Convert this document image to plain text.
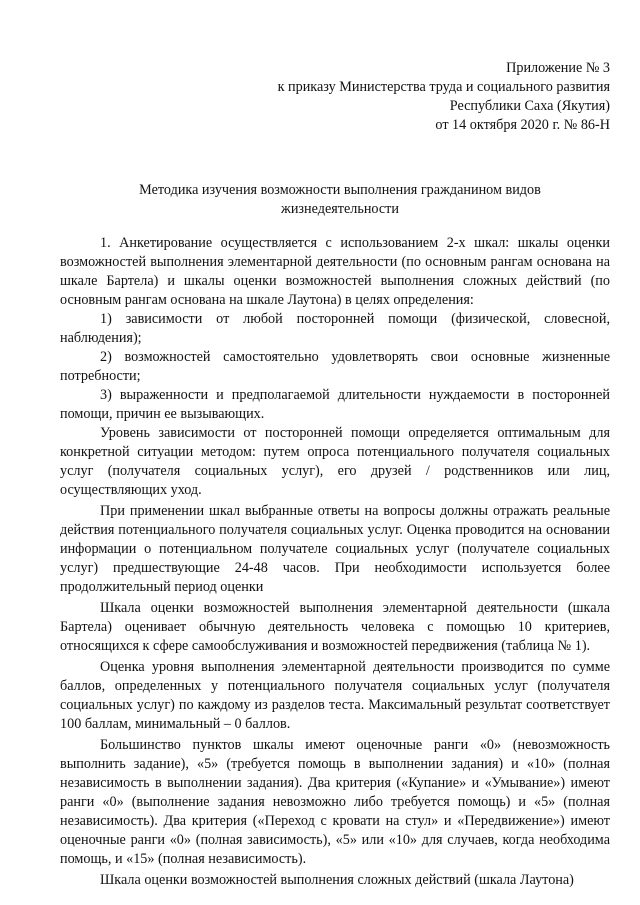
Приложение № 3
к приказу Министерства труда и социального развития
Республики Саха (Якутия)
от 14 октября 2020 г. № 86-Н
Методика изучения возможности выполнения гражданином видов
жизнедеятельности

1. Анкетирование осуществляется с использованием 2-х шкал: шкалы оценки возможностей выполнения элементарной деятельности (по основным рангам основана на шкале Бартела) и шкалы оценки возможностей выполнения сложных действий (по основным рангам основана на шкале Лаутона) в целях определения:

1) зависимости от любой посторонней помощи (физической, словесной, наблюдения);

2) возможностей самостоятельно удовлетворять свои основные жизненные потребности;

3) выраженности и предполагаемой длительности нуждаемости в посторонней помощи, причин ее вызывающих.

Уровень зависимости от посторонней помощи определяется оптимальным для конкретной ситуации методом: путем опроса потенциального получателя социальных услуг (получателя социальных услуг), его друзей / родственников или лиц, осуществляющих уход.

При применении шкал выбранные ответы на вопросы должны отражать реальные действия потенциального получателя социальных услуг. Оценка проводится на основании информации о потенциальном получателе социальных услуг (получателе социальных услуг) предшествующие 24-48 часов. При необходимости используется более продолжительный период оценки

Шкала оценки возможностей выполнения элементарной деятельности (шкала Бартела) оценивает обычную деятельность человека с помощью 10 критериев, относящихся к сфере самообслуживания и возможностей передвижения (таблица № 1).

Оценка уровня выполнения элементарной деятельности производится по сумме баллов, определенных у потенциального получателя социальных услуг (получателя социальных услуг) по каждому из разделов теста. Максимальный результат соответствует 100 баллам, минимальный – 0 баллов.

Большинство пунктов шкалы имеют оценочные ранги «0» (невозможность выполнить задание), «5» (требуется помощь в выполнении задания) и «10» (полная независимость в выполнении задания). Два критерия («Купание» и «Умывание») имеют ранги «0» (выполнение задания невозможно либо требуется помощь) и «5» (полная независимость). Два критерия («Переход с кровати на стул» и «Передвижение») имеют оценочные ранги «0» (полная зависимость), «5» или «10» для случаев, когда необходима помощь, и «15» (полная независимость).

Шкала оценки возможностей выполнения сложных действий (шкала Лаутона)
